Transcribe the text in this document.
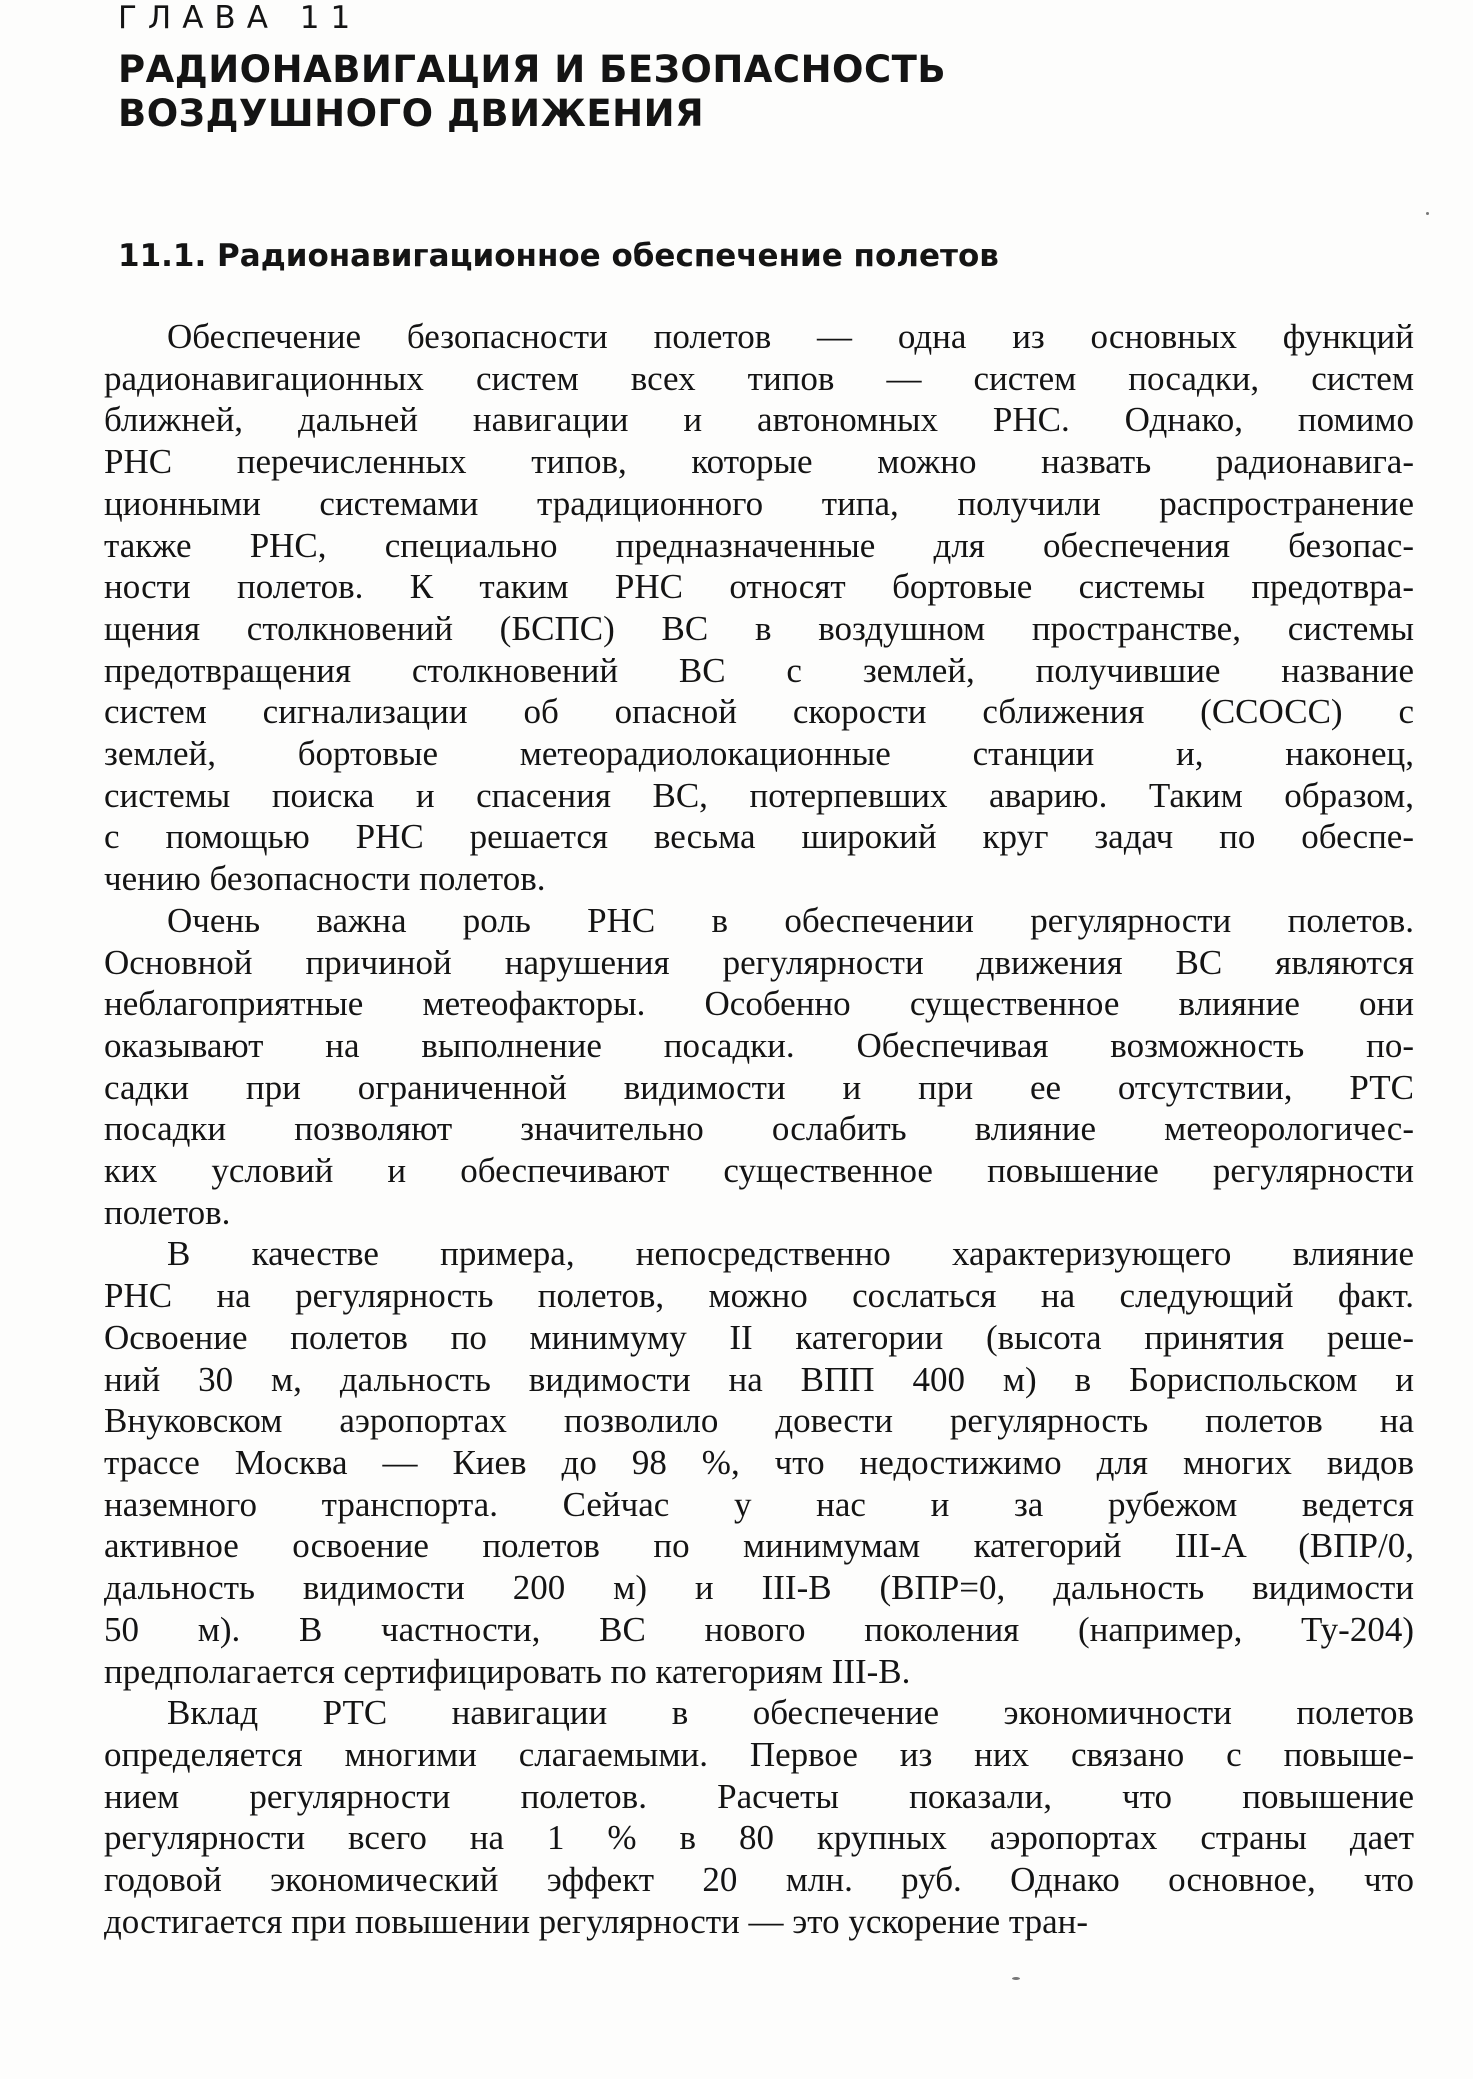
ГЛАВА 11

РАДИОНАВИГАЦИЯ И БЕЗОПАСНОСТЬ
ВОЗДУШНОГО ДВИЖЕНИЯ
11.1. Радионавигационное обеспечение полетов

Обеспечение безопасности полетов — одна из основных функций
радионавигационных систем всех типов — систем посадки, систем
ближней, дальней навигации и автономных РНС. Однако, помимо
РНС перечисленных типов, которые можно назвать радионавига-
ционными системами традиционного типа, получили распространение
также РНС, специально предназначенные для обеспечения безопас-
ности полетов. К таким РНС относят бортовые системы предотвра-
щения столкновений (БСПС) ВС в воздушном пространстве, системы
предотвращения столкновений ВС с землей, получившие название
систем сигнализации об опасной скорости сближения (ССОСС) с
землей, бортовые метеорадиолокационные станции и, наконец,
системы поиска и спасения ВС, потерпевших аварию. Таким образом,
с помощью РНС решается весьма широкий круг задач по обеспе-
чению безопасности полетов.

Очень важна роль РНС в обеспечении регулярности полетов.
Основной причиной нарушения регулярности движения ВС являются
неблагоприятные метеофакторы. Особенно существенное влияние они
оказывают на выполнение посадки. Обеспечивая возможность по-
садки при ограниченной видимости и при ее отсутствии, РТС
посадки позволяют значительно ослабить влияние метеорологичес-
ких условий и обеспечивают существенное повышение регулярности
полетов.

В качестве примера, непосредственно характеризующего влияние
РНС на регулярность полетов, можно сослаться на следующий факт.
Освоение полетов по минимуму II категории (высота принятия реше-
ний 30 м, дальность видимости на ВПП 400 м) в Бориспольском и
Внуковском аэропортах позволило довести регулярность полетов на
трассе Москва — Киев до 98 %, что недостижимо для многих видов
наземного транспорта. Сейчас у нас и за рубежом ведется
активное освоение полетов по минимумам категорий III-A (ВПР/0,
дальность видимости 200 м) и III-B (ВПР=0, дальность видимости
50 м). В частности, ВС нового поколения (например, Ту-204)
предполагается сертифицировать по категориям III-B.

Вклад РТС навигации в обеспечение экономичности полетов
определяется многими слагаемыми. Первое из них связано с повыше-
нием регулярности полетов. Расчеты показали, что повышение
регулярности всего на 1 % в 80 крупных аэропортах страны дает
годовой экономический эффект 20 млн. руб. Однако основное, что
достигается при повышении регулярности — это ускорение тран-
